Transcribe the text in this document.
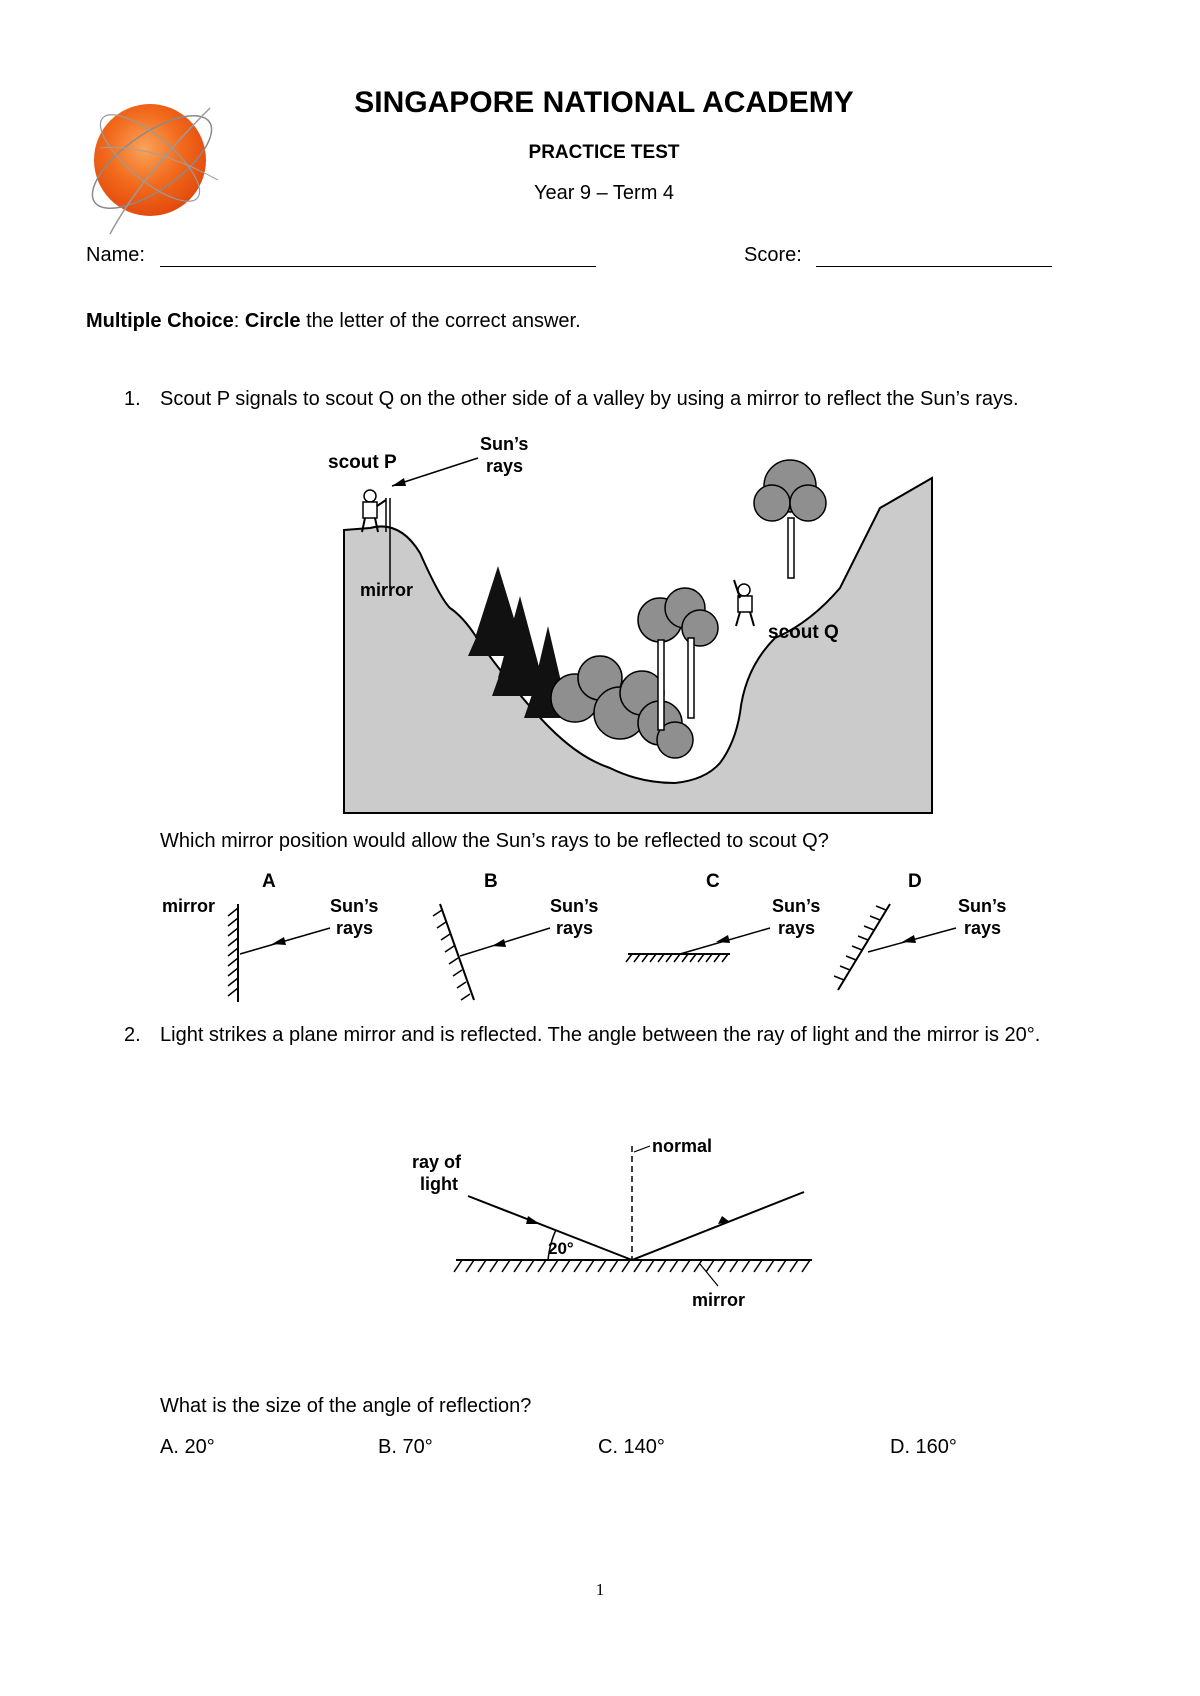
SINGAPORE NATIONAL ACADEMY
PRACTICE TEST
Year 9 – Term 4
Name:	Score:
Multiple Choice: Circle the letter of the correct answer.
1. Scout P signals to scout Q on the other side of a valley by using a mirror to reflect the Sun’s rays.
scout P
Sun’s
rays
mirror
scout Q
Which mirror position would allow the Sun’s rays to be reflected to scout Q?
A
mirror	Sun’s
rays
B
Sun’s
rays
C
Sun’s
rays
D
Sun’s
rays
2. Light strikes a plane mirror and is reflected. The angle between the ray of light and the mirror is 20°.
ray of
light
normal
20°
mirror
What is the size of the angle of reflection?
A. 20°	B. 70°	C. 140°	D. 160°
1
